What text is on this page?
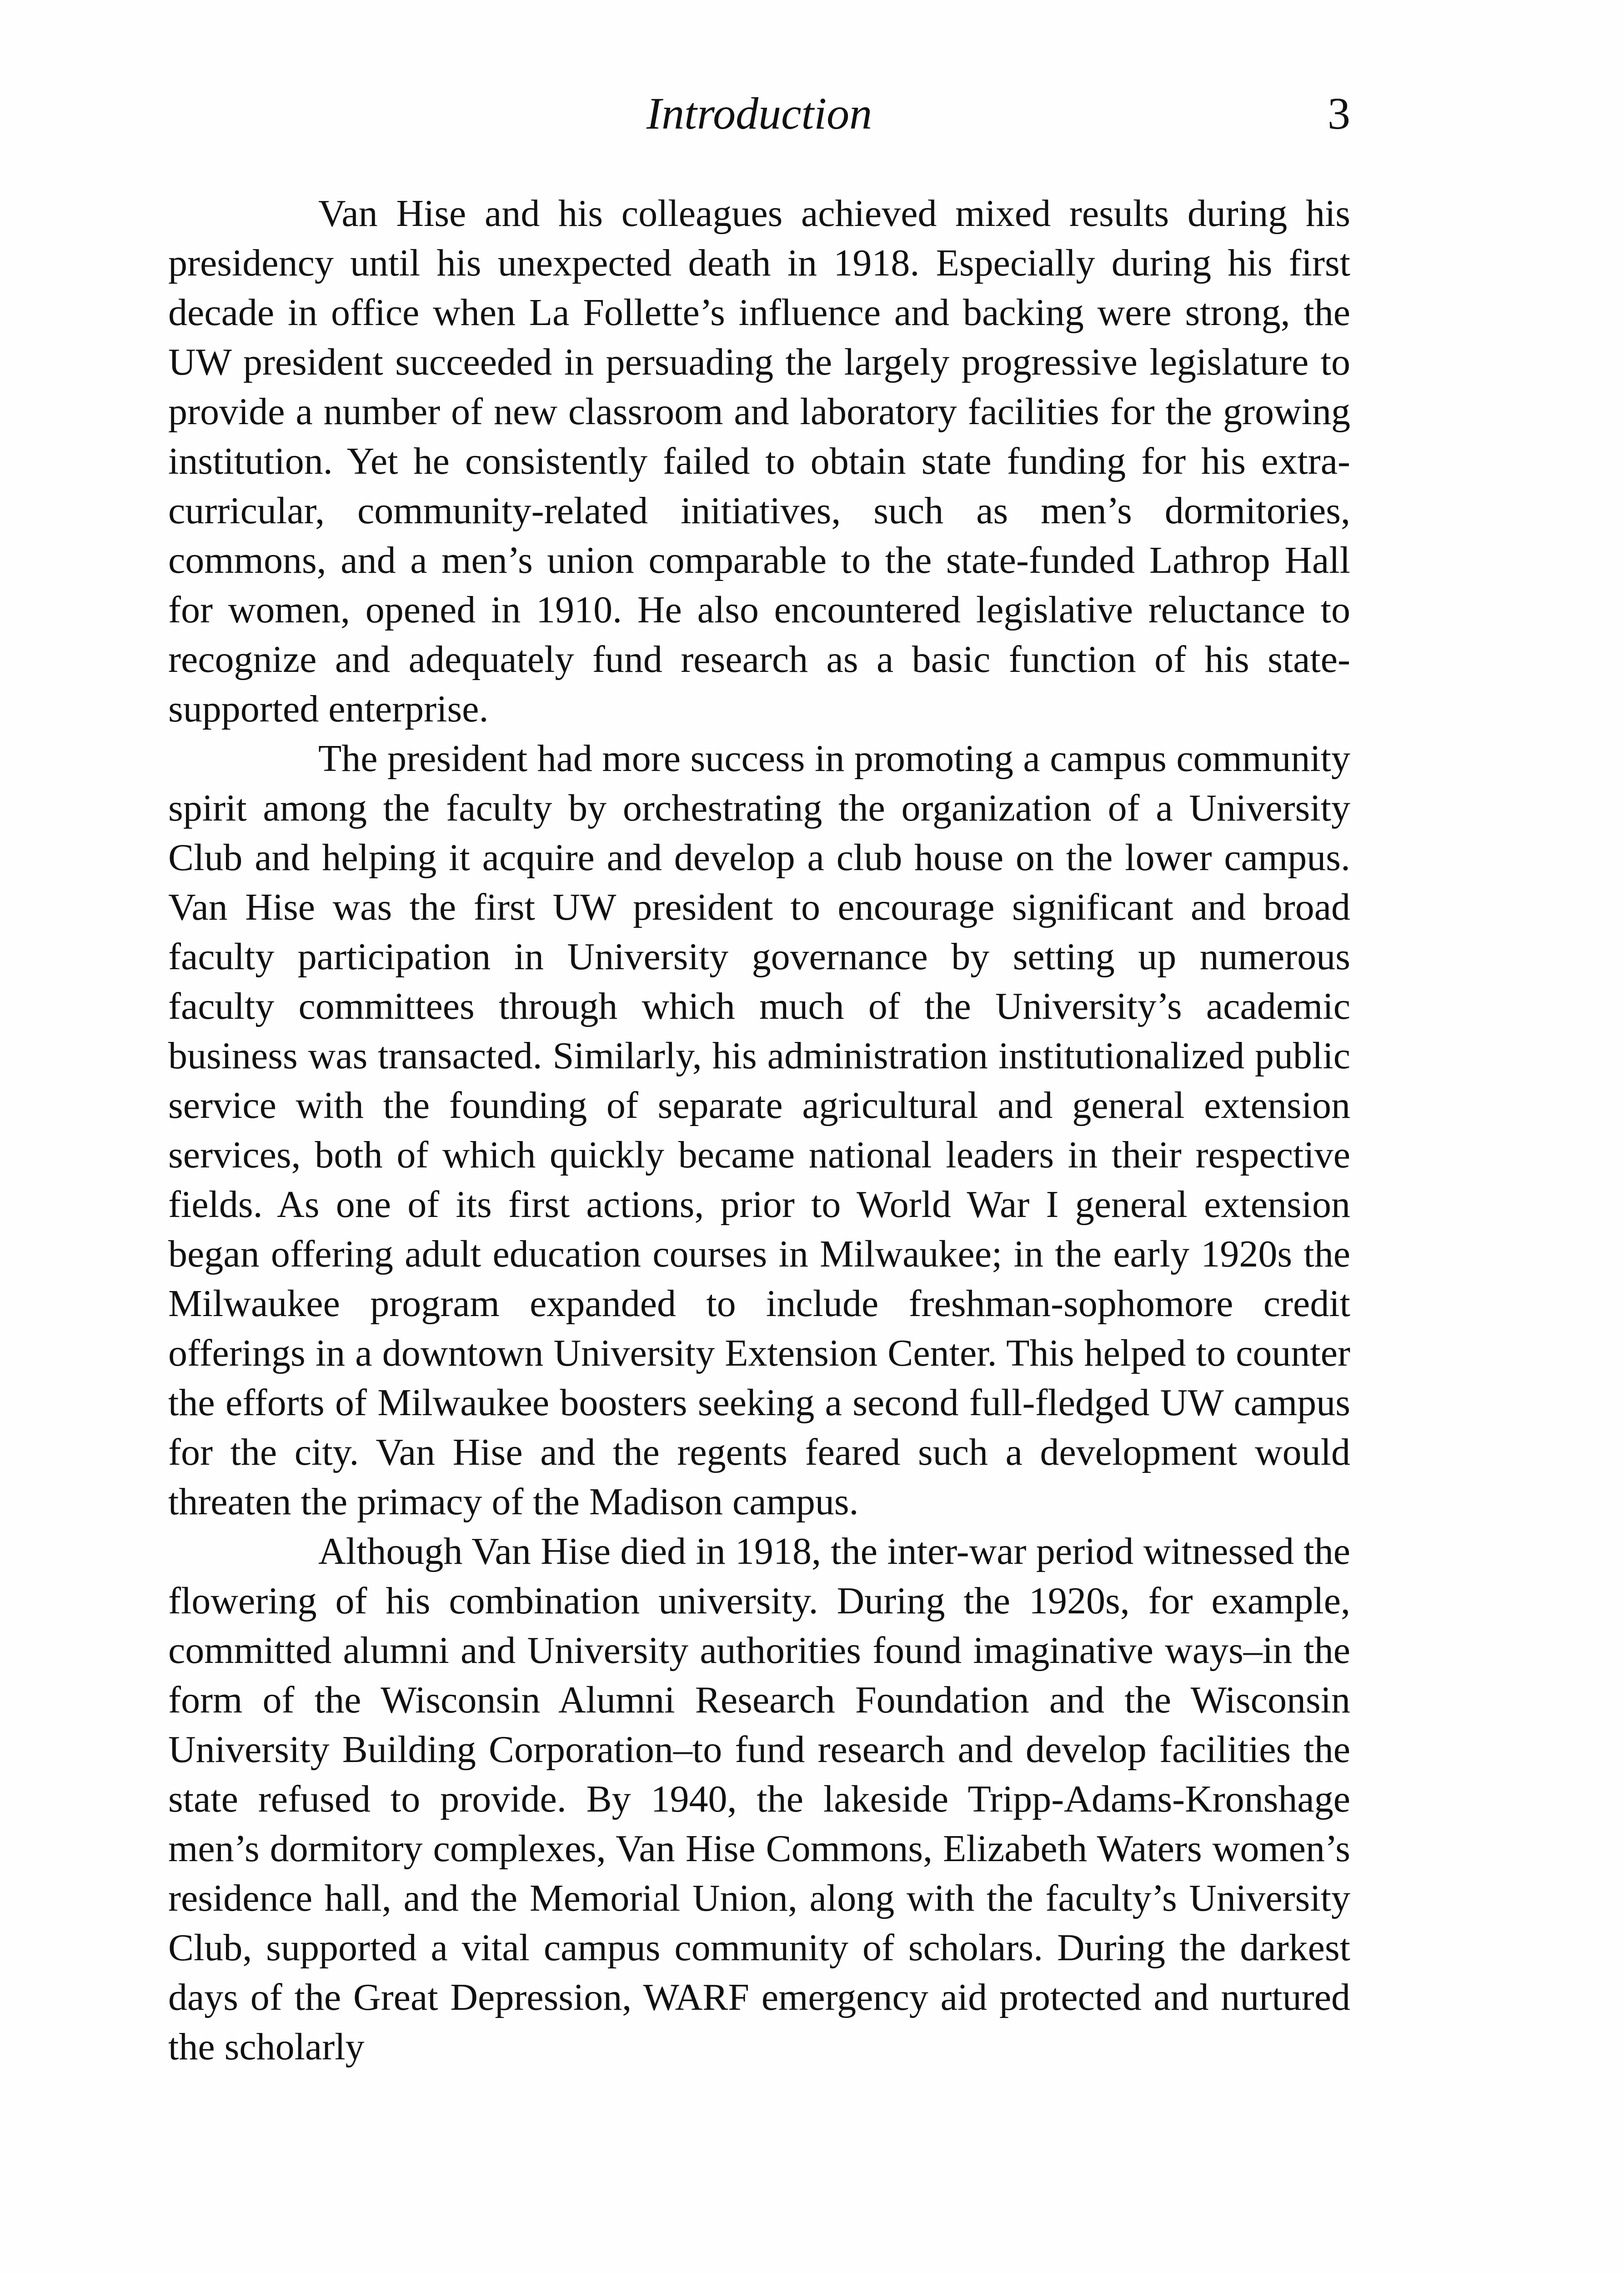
Introduction	3

Van Hise and his colleagues achieved mixed results during his presidency until his unexpected death in 1918. Especially during his first decade in office when La Follette’s influence and backing were strong, the UW president succeeded in persuading the largely progressive legislature to provide a number of new classroom and laboratory facilities for the growing institution. Yet he consistently failed to obtain state funding for his extra-curricular, community-related initiatives, such as men’s dormitories, commons, and a men’s union comparable to the state-funded Lathrop Hall for women, opened in 1910. He also encountered legislative reluctance to recognize and adequately fund research as a basic function of his state-supported enterprise.

The president had more success in promoting a campus community spirit among the faculty by orchestrating the organization of a University Club and helping it acquire and develop a club house on the lower campus. Van Hise was the first UW president to encourage significant and broad faculty participation in University governance by setting up numerous faculty committees through which much of the University’s academic business was transacted. Similarly, his administration institutionalized public service with the founding of separate agricultural and general extension services, both of which quickly became national leaders in their respective fields. As one of its first actions, prior to World War I general extension began offering adult education courses in Milwaukee; in the early 1920s the Milwaukee program expanded to include freshman-sophomore credit offerings in a downtown University Extension Center. This helped to counter the efforts of Milwaukee boosters seeking a second full-fledged UW campus for the city. Van Hise and the regents feared such a development would threaten the primacy of the Madison campus.

Although Van Hise died in 1918, the inter-war period witnessed the flowering of his combination university. During the 1920s, for example, committed alumni and University authorities found imaginative ways–in the form of the Wisconsin Alumni Research Foundation and the Wisconsin University Building Corporation–to fund research and develop facilities the state refused to provide. By 1940, the lakeside Tripp-Adams-Kronshage men’s dormitory complexes, Van Hise Commons, Elizabeth Waters women’s residence hall, and the Memorial Union, along with the faculty’s University Club, supported a vital campus community of scholars. During the darkest days of the Great Depression, WARF emergency aid protected and nurtured the scholarly
